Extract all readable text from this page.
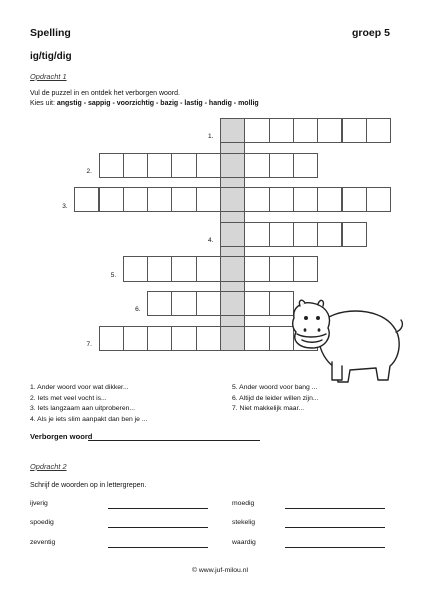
Spelling	groep 5
ig/tig/dig
Opdracht 1
Vul de puzzel in en ontdek het verborgen woord.
Kies uit: angstig - sappig - voorzichtig - bazig - lastig - handig - mollig
1.
2.
3.
4.
5.
6.
7.
1. Ander woord voor wat dikker...
2. Iets met veel vocht is...
3. Iets langzaam aan uitproberen...
4. Als je iets slim aanpakt dan ben je ...
5. Ander woord voor bang ...
6. Altijd de leider willen zijn...
7. Niet makkelijk maar...
Verborgen woord
Opdracht 2
Schrijf de woorden op in lettergrepen.
ijverig	moedig
spoedig	stekelig
zeventig	waardig
© www.juf-milou.nl
